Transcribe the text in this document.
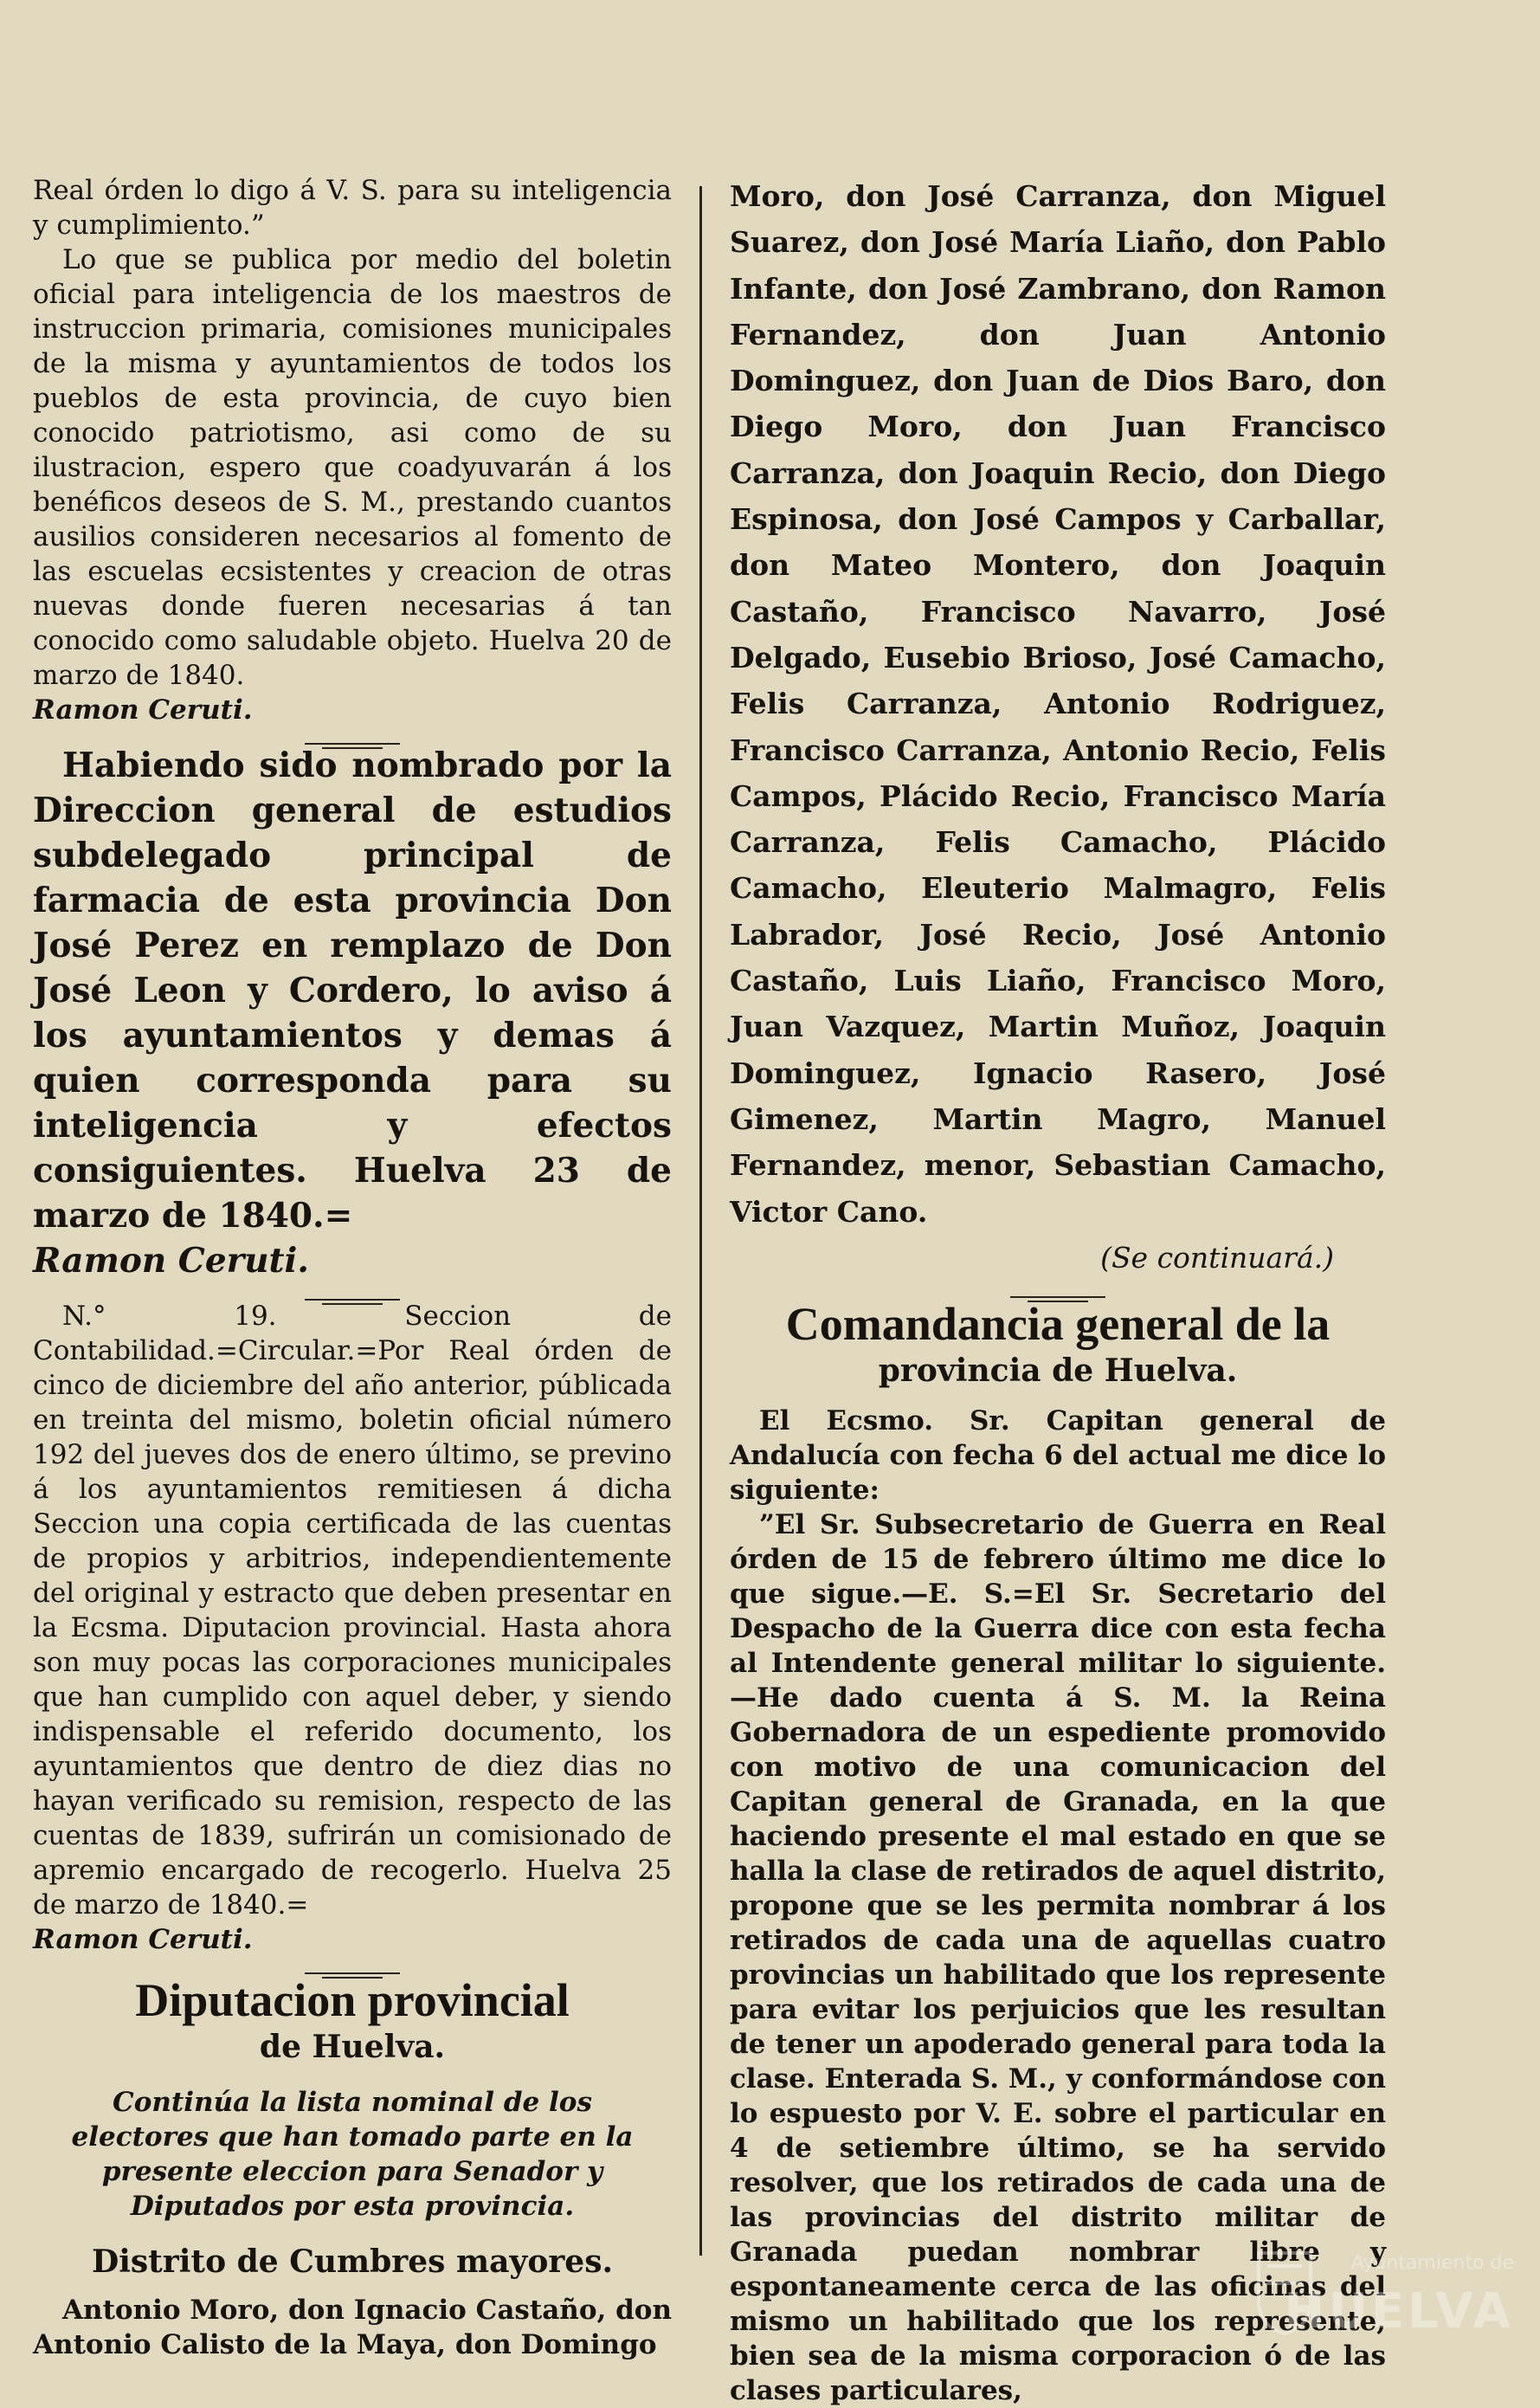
Real órden lo digo á V. S. para su inteligencia y cumplimiento.”

Lo que se publica por medio del boletin oficial para inteligencia de los maestros de instruccion primaria, comisiones municipales de la misma y ayuntamientos de todos los pueblos de esta provincia, de cuyo bien conocido patriotismo, asi como de su ilustracion, espero que coadyuvarán á los benéficos deseos de S. M., prestando cuantos ausilios consideren necesarios al fomento de las escuelas ecsistentes y creacion de otras nuevas donde fueren necesarias á tan conocido como saludable objeto. Huelva 20 de marzo de 1840.

Ramon Ceruti.

Habiendo sido nombrado por la Direccion general de estudios subdelegado principal de farmacia de esta provincia Don José Perez en remplazo de Don José Leon y Cordero, lo aviso á los ayuntamientos y demas á quien corresponda para su inteligencia y efectos consiguientes. Huelva 23 de marzo de 1840.=

Ramon Ceruti.

N.° 19. Seccion de Contabilidad.=Circular.=Por Real órden de cinco de diciembre del año anterior, públicada en treinta del mismo, boletin oficial número 192 del jueves dos de enero último, se previno á los ayuntamientos remitiesen á dicha Seccion una copia certificada de las cuentas de propios y arbitrios, independientemente del original y estracto que deben presentar en la Ecsma. Diputacion provincial. Hasta ahora son muy pocas las corporaciones municipales que han cumplido con aquel deber, y siendo indispensable el referido documento, los ayuntamientos que dentro de diez dias no hayan verificado su remision, respecto de las cuentas de 1839, sufrirán un comisionado de apremio encargado de recogerlo. Huelva 25 de marzo de 1840.=

Ramon Ceruti.

Diputacion provincial
de Huelva.

Continúa la lista nominal de los electores que han tomado parte en la presente eleccion para Senador y Diputados por esta provincia.

Distrito de Cumbres mayores.

Antonio Moro, don Ignacio Castaño, don Antonio Calisto de la Maya, don Domingo

Moro, don José Carranza, don Miguel Suarez, don José María Liaño, don Pablo Infante, don José Zambrano, don Ramon Fernandez, don Juan Antonio Dominguez, don Juan de Dios Baro, don Diego Moro, don Juan Francisco Carranza, don Joaquin Recio, don Diego Espinosa, don José Campos y Carballar, don Mateo Montero, don Joaquin Castaño, Francisco Navarro, José Delgado, Eusebio Brioso, José Camacho, Felis Carranza, Antonio Rodriguez, Francisco Carranza, Antonio Recio, Felis Campos, Plácido Recio, Francisco María Carranza, Felis Camacho, Plácido Camacho, Eleuterio Malmagro, Felis Labrador, José Recio, José Antonio Castaño, Luis Liaño, Francisco Moro, Juan Vazquez, Martin Muñoz, Joaquin Dominguez, Ignacio Rasero, José Gimenez, Martin Magro, Manuel Fernandez, menor, Sebastian Camacho, Victor Cano.

(Se continuará.)

Comandancia general de la
provincia de Huelva.

El Ecsmo. Sr. Capitan general de Andalucía con fecha 6 del actual me dice lo siguiente:

”El Sr. Subsecretario de Guerra en Real órden de 15 de febrero último me dice lo que sigue.—E. S.=El Sr. Secretario del Despacho de la Guerra dice con esta fecha al Intendente general militar lo siguiente.—He dado cuenta á S. M. la Reina Gobernadora de un espediente promovido con motivo de una comunicacion del Capitan general de Granada, en la que haciendo presente el mal estado en que se halla la clase de retirados de aquel distrito, propone que se les permita nombrar á los retirados de cada una de aquellas cuatro provincias un habilitado que los represente para evitar los perjuicios que les resultan de tener un apoderado general para toda la clase. Enterada S. M., y conformándose con lo espuesto por V. E. sobre el particular en 4 de setiembre último, se ha servido resolver, que los retirados de cada una de las provincias del distrito militar de Granada puedan nombrar libre y espontaneamente cerca de las oficinas del mismo un habilitado que los represente, bien sea de la misma corporacion ó de las clases particulares,

Ayuntamiento de
HUELVA
